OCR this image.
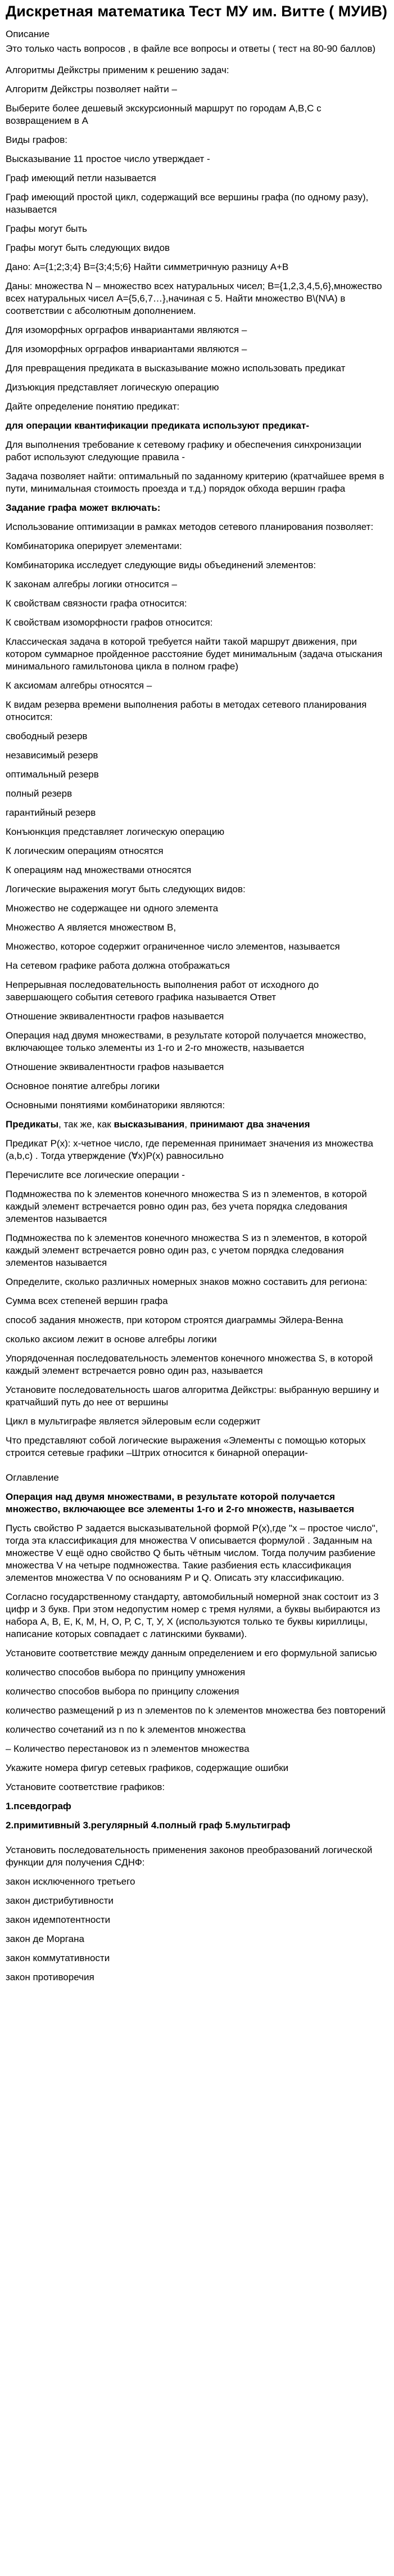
Дискретная математика Тест МУ им. Витте ( МУИВ)
Описание
Это только часть вопросов , в файле все вопросы и ответы ( тест на 80-90 баллов)
Алгоритмы Дейкстры применим к решению задач:
Алгоритм Дейкстры позволяет найти –
Выберите более дешевый экскурсионный маршрут по городам А,В,С с возвращением в А
Виды графов:
Высказывание 11 простое число утверждает -
Граф имеющий петли называется
Граф имеющий простой цикл, содержащий все вершины графа (по одному разу), называется
Графы могут быть
Графы могут быть следующих видов
Дано: А={1;2;3;4} В={3;4;5;6} Найти симметричную разницу А+В
Даны: множества N – множество всех натуральных чисел; В={1,2,3,4,5,6},множество всех натуральных чисел А={5,6,7…},начиная с 5. Найти множество В\(N\А) в соответствии с абсолютным дополнением.
Для изоморфных орграфов инвариантами являются –
Для изоморфных орграфов инвариантами являются –
Для превращения предиката в высказывание можно использовать предикат
Дизъюкция представляет логическую операцию
Дайте определение понятию предикат:
для операции квантификации предиката используют предикат-
Для выполнения требование к сетевому графику и обеспечения синхронизации работ используют следующие правила -
Задача позволяет найти: оптимальный по заданному критерию (кратчайшее время в пути, минимальная стоимость проезда и т.д.) порядок обхода вершин графа
Задание графа может включать:
Использование оптимизации в рамках методов сетевого планирования позволяет:
Комбинаторика оперирует элементами:
Комбинаторика исследует следующие виды объединений элементов:
К законам алгебры логики относится –
К свойствам связности графа относится:
К свойствам изоморфности графов относится:
Классическая задача в которой требуется найти такой маршрут движения, при котором суммарное пройденное расстояние будет минимальным (задача отыскания минимального гамильтонова цикла в полном графе)
К аксиомам алгебры относятся –
К видам резерва времени выполнения работы в методах сетевого планирования относится:
свободный резерв
независимый резерв
оптимальный резерв
полный резерв
гарантийный резерв
Конъюнкция представляет логическую операцию
К логическим операциям относятся
К операциям над множествами относятся
Логические выражения могут быть следующих видов:
Множество не содержащее ни одного элемента
Множество А является множеством В,
Множество, которое содержит ограниченное число элементов, называется
На сетевом графике работа должна отображаться
Непрерывная последовательность выполнения работ от исходного до завершающего события сетевого графика называется Ответ
Отношение эквивалентности графов называется
Операция над двумя множествами, в результате которой получается множество, включающее только элементы из 1-го и 2-го множеств, называется
Отношение эквивалентности графов называется
Основное понятие алгебры логики
Основными понятиями комбинаторики являются:
Предикаты, так же, как высказывания, принимают два значения
Предикат P(x): x-четное число, где переменная принимает значения из множества (a,b,c) . Тогда утверждение (∀x)P(x) равносильно
Перечислите все логические операции -
Подмножества по k элементов конечного множества S из n элементов, в которой каждый элемент встречается ровно один раз, без учета порядка следования элементов называется
Подмножества по k элементов конечного множества S из n элементов, в которой каждый элемент встречается ровно один раз, с учетом порядка следования элементов называется
Определите, сколько различных номерных знаков можно составить для региона:
Сумма всех степеней вершин графа
способ задания множеств, при котором строятся диаграммы Эйлера-Венна
сколько аксиом лежит в основе алгебры логики
Упорядоченная последовательность элементов конечного множества S, в которой каждый элемент встречается ровно один раз, называется
Установите последовательность шагов алгоритма Дейкстры: выбранную вершину и кратчайший путь до нее от вершины
Цикл в мультиграфе является эйлеровым если содержит
Что представляют собой логические выражения «Элементы с помощью которых строится сетевые графики –Штрих относится к бинарной операции-
Оглавление
Операция над двумя множествами, в результате которой получается множество, включающее все элементы 1-го и 2-го множеств, называется
Пусть свойство P задается высказывательной формой P(x),где "x – простое число", тогда эта классификация для множества V описывается формулой . Заданным на множестве V ещё одно свойство Q быть чётным числом. Тогда получим разбиение множества V на четыре подмножества. Такие разбиения есть классификация элементов множества V по основаниям P и Q. Описать эту классификацию.
Согласно государственному стандарту, автомобильный номерной знак состоит из 3 цифр и 3 букв. При этом недопустим номер с тремя нулями, а буквы выбираются из набора А, В, Е, К, М, Н, О, Р, С, Т, У, Х (используются только те буквы кириллицы, написание которых совпадает с латинскими буквами).
Установите соответствие между данным определением и его формульной записью
количество способов выбора по принципу умножения
количество способов выбора по принципу сложения
количество размещений р из n элементов по k элементов множества без повторений
количество сочетаний из n по k элементов множества
– Количество перестановок из n элементов множества
Укажите номера фигур сетевых графиков, содержащие ошибки
Установите соответствие графиков:
1.псевдограф
2.примитивный 3.регулярный 4.полный граф 5.мультиграф
Установить последовательность применения законов преобразований логической функции для получения СДНФ:
закон исключенного третьего
закон дистрибутивности
закон идемпотентности
закон де Моргана
закон коммутативности
закон противоречия
